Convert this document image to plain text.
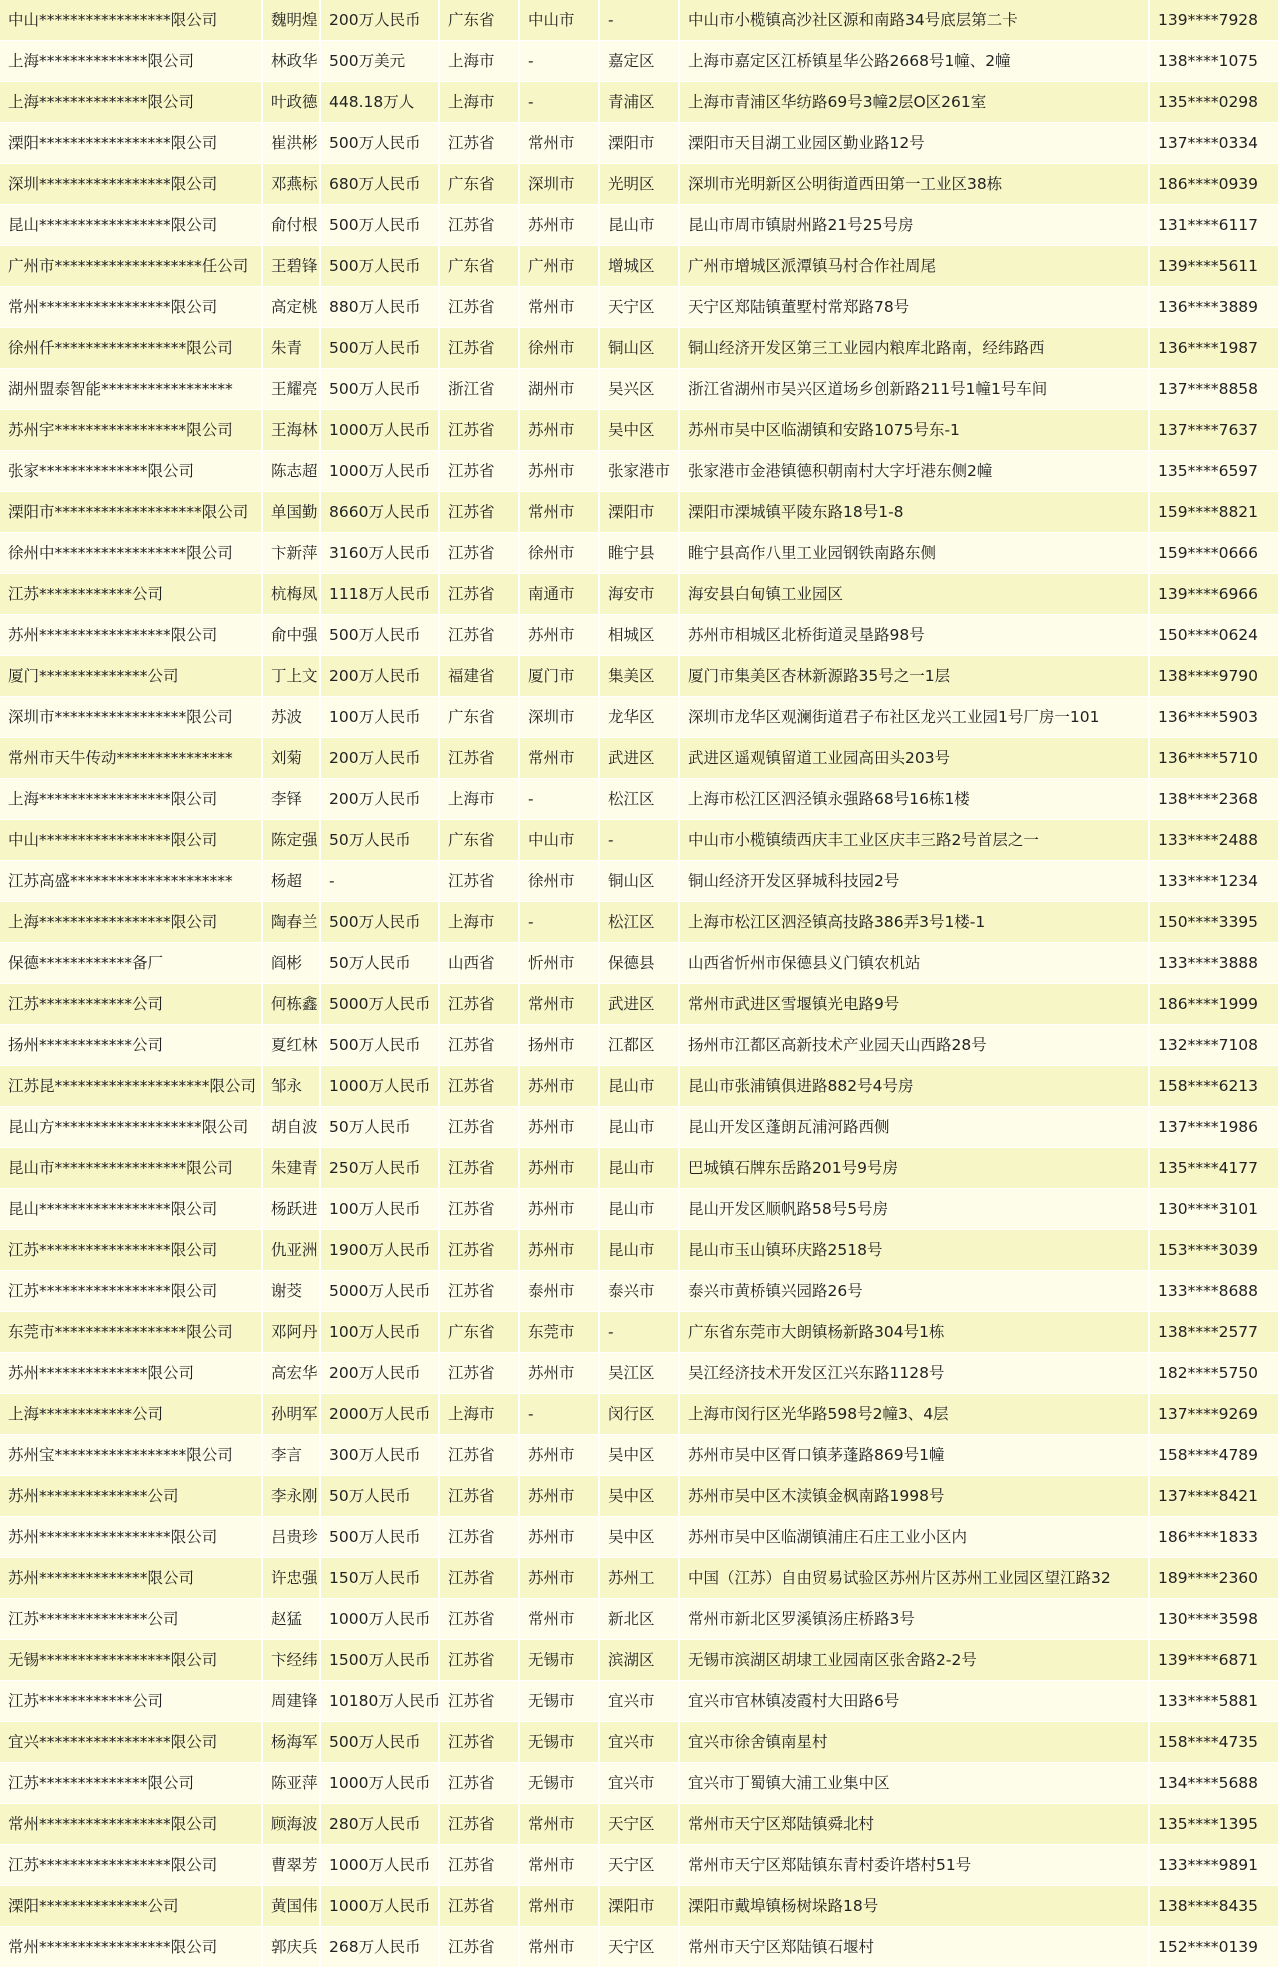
中山*****************限公司	魏明煌	200万人民币	广东省	中山市	-	中山市小榄镇高沙社区源和南路34号底层第二卡	139****7928
上海**************限公司	林政华	500万美元	上海市	-	嘉定区	上海市嘉定区江桥镇星华公路2668号1幢、2幢	138****1075
上海**************限公司	叶政德	448.18万人	上海市	-	青浦区	上海市青浦区华纺路69号3幢2层O区261室	135****0298
溧阳*****************限公司	崔洪彬	500万人民币	江苏省	常州市	溧阳市	溧阳市天目湖工业园区勤业路12号	137****0334
深圳*****************限公司	邓燕标	680万人民币	广东省	深圳市	光明区	深圳市光明新区公明街道西田第一工业区38栋	186****0939
昆山*****************限公司	俞付根	500万人民币	江苏省	苏州市	昆山市	昆山市周市镇尉州路21号25号房	131****6117
广州市*******************任公司	王碧锋	500万人民币	广东省	广州市	增城区	广州市增城区派潭镇马村合作社周尾	139****5611
常州*****************限公司	高定桃	880万人民币	江苏省	常州市	天宁区	天宁区郑陆镇董墅村常郑路78号	136****3889
徐州仟*****************限公司	朱青	500万人民币	江苏省	徐州市	铜山区	铜山经济开发区第三工业园内粮库北路南，经纬路西	136****1987
湖州盟泰智能*****************	王耀亮	500万人民币	浙江省	湖州市	吴兴区	浙江省湖州市吴兴区道场乡创新路211号1幢1号车间	137****8858
苏州宇*****************限公司	王海林	1000万人民币	江苏省	苏州市	吴中区	苏州市吴中区临湖镇和安路1075号东-1	137****7637
张家**************限公司	陈志超	1000万人民币	江苏省	苏州市	张家港市	张家港市金港镇德积朝南村大字圩港东侧2幢	135****6597
溧阳市*******************限公司	单国勤	8660万人民币	江苏省	常州市	溧阳市	溧阳市溧城镇平陵东路18号1-8	159****8821
徐州中*****************限公司	卞新萍	3160万人民币	江苏省	徐州市	睢宁县	睢宁县高作八里工业园钢铁南路东侧	159****0666
江苏************公司	杭梅凤	1118万人民币	江苏省	南通市	海安市	海安县白甸镇工业园区	139****6966
苏州*****************限公司	俞中强	500万人民币	江苏省	苏州市	相城区	苏州市相城区北桥街道灵垦路98号	150****0624
厦门**************公司	丁上文	200万人民币	福建省	厦门市	集美区	厦门市集美区杏林新源路35号之一1层	138****9790
深圳市*****************限公司	苏波	100万人民币	广东省	深圳市	龙华区	深圳市龙华区观澜街道君子布社区龙兴工业园1号厂房一101	136****5903
常州市天牛传动***************	刘菊	200万人民币	江苏省	常州市	武进区	武进区遥观镇留道工业园高田头203号	136****5710
上海*****************限公司	李铎	200万人民币	上海市	-	松江区	上海市松江区泗泾镇永强路68号16栋1楼	138****2368
中山*****************限公司	陈定强	50万人民币	广东省	中山市	-	中山市小榄镇绩西庆丰工业区庆丰三路2号首层之一	133****2488
江苏高盛*********************	杨超	-	江苏省	徐州市	铜山区	铜山经济开发区驿城科技园2号	133****1234
上海*****************限公司	陶春兰	500万人民币	上海市	-	松江区	上海市松江区泗泾镇高技路386弄3号1楼-1	150****3395
保德************备厂	阎彬	50万人民币	山西省	忻州市	保德县	山西省忻州市保德县义门镇农机站	133****3888
江苏************公司	何栋鑫	5000万人民币	江苏省	常州市	武进区	常州市武进区雪堰镇光电路9号	186****1999
扬州************公司	夏红林	500万人民币	江苏省	扬州市	江都区	扬州市江都区高新技术产业园天山西路28号	132****7108
江苏昆********************限公司	邹永	1000万人民币	江苏省	苏州市	昆山市	昆山市张浦镇俱进路882号4号房	158****6213
昆山方*******************限公司	胡自波	50万人民币	江苏省	苏州市	昆山市	昆山开发区蓬朗瓦浦河路西侧	137****1986
昆山市*****************限公司	朱建青	250万人民币	江苏省	苏州市	昆山市	巴城镇石牌东岳路201号9号房	135****4177
昆山*****************限公司	杨跃进	100万人民币	江苏省	苏州市	昆山市	昆山开发区顺帆路58号5号房	130****3101
江苏*****************限公司	仇亚洲	1900万人民币	江苏省	苏州市	昆山市	昆山市玉山镇环庆路2518号	153****3039
江苏*****************限公司	谢茭	5000万人民币	江苏省	泰州市	泰兴市	泰兴市黄桥镇兴园路26号	133****8688
东莞市*****************限公司	邓阿丹	100万人民币	广东省	东莞市	-	广东省东莞市大朗镇杨新路304号1栋	138****2577
苏州**************限公司	高宏华	200万人民币	江苏省	苏州市	吴江区	吴江经济技术开发区江兴东路1128号	182****5750
上海************公司	孙明军	2000万人民币	上海市	-	闵行区	上海市闵行区光华路598号2幢3、4层	137****9269
苏州宝*****************限公司	李言	300万人民币	江苏省	苏州市	吴中区	苏州市吴中区胥口镇茅蓬路869号1幢	158****4789
苏州**************公司	李永刚	50万人民币	江苏省	苏州市	吴中区	苏州市吴中区木渎镇金枫南路1998号	137****8421
苏州*****************限公司	吕贵珍	500万人民币	江苏省	苏州市	吴中区	苏州市吴中区临湖镇浦庄石庄工业小区内	186****1833
苏州**************限公司	许忠强	150万人民币	江苏省	苏州市	苏州工	中国（江苏）自由贸易试验区苏州片区苏州工业园区望江路32	189****2360
江苏**************公司	赵猛	1000万人民币	江苏省	常州市	新北区	常州市新北区罗溪镇汤庄桥路3号	130****3598
无锡*****************限公司	卞经纬	1500万人民币	江苏省	无锡市	滨湖区	无锡市滨湖区胡埭工业园南区张舍路2-2号	139****6871
江苏************公司	周建锋	10180万人民币	江苏省	无锡市	宜兴市	宜兴市官林镇凌霞村大田路6号	133****5881
宜兴*****************限公司	杨海军	500万人民币	江苏省	无锡市	宜兴市	宜兴市徐舍镇南星村	158****4735
江苏**************限公司	陈亚萍	1000万人民币	江苏省	无锡市	宜兴市	宜兴市丁蜀镇大浦工业集中区	134****5688
常州*****************限公司	顾海波	280万人民币	江苏省	常州市	天宁区	常州市天宁区郑陆镇舜北村	135****1395
江苏*****************限公司	曹翠芳	1000万人民币	江苏省	常州市	天宁区	常州市天宁区郑陆镇东青村委许塔村51号	133****9891
溧阳**************公司	黄国伟	1000万人民币	江苏省	常州市	溧阳市	溧阳市戴埠镇杨树垛路18号	138****8435
常州*****************限公司	郭庆兵	268万人民币	江苏省	常州市	天宁区	常州市天宁区郑陆镇石堰村	152****0139
